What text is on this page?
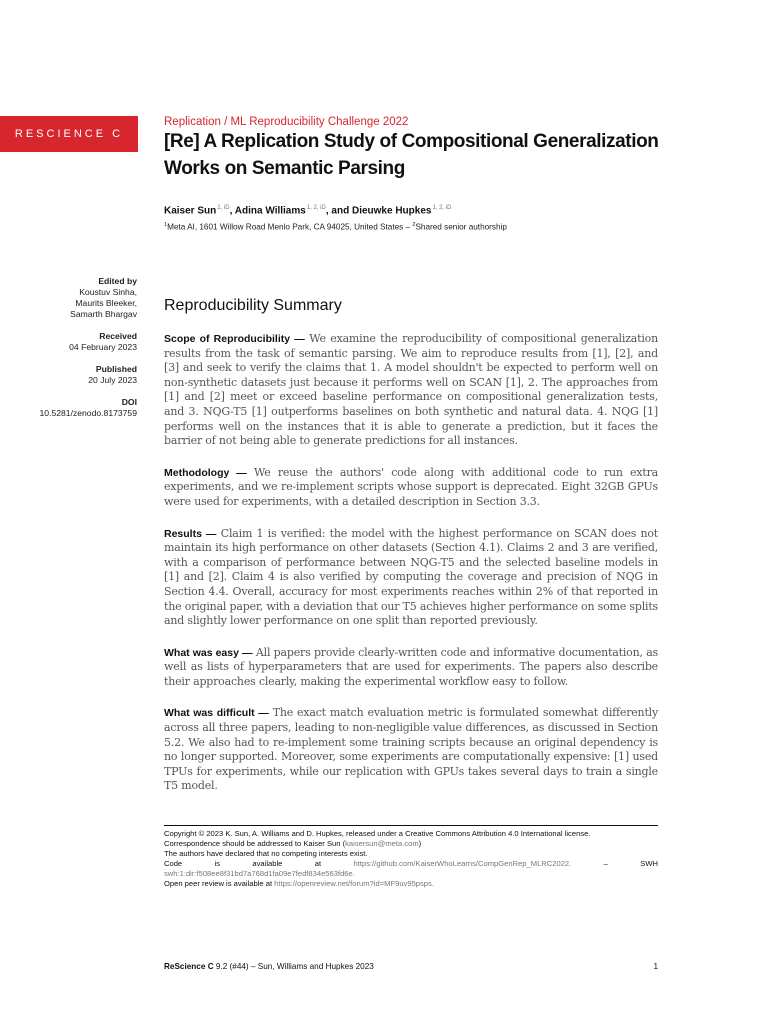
RESCIENCE C
Replication / ML Reproducibility Challenge 2022
[Re] A Replication Study of Compositional Generalization Works on Semantic Parsing
Kaiser Sun$^{1, iD}$, Adina Williams$^{1, 2, iD}$, and Dieuwke Hupkes$^{1, 2, iD}$
$^1$Meta AI, 1601 Willow Road Menlo Park, CA 94025, United States – $^2$Shared senior authorship
Edited by
Koustuv Sinha,
Maurits Bleeker,
Samarth Bhargav
Received
04 February 2023
Published
20 July 2023
DOI
10.5281/zenodo.8173759
Reproducibility Summary

Scope of Reproducibility — We examine the reproducibility of compositional generalization results from the task of semantic parsing. We aim to reproduce results from [1], [2], and [3] and seek to verify the claims that 1. A model shouldn't be expected to perform well on non-synthetic datasets just because it performs well on SCAN [1], 2. The approaches from [1] and [2] meet or exceed baseline performance on compositional generalization tests, and 3. NQG-T5 [1] outperforms baselines on both synthetic and natural data. 4. NQG [1] performs well on the instances that it is able to generate a prediction, but it faces the barrier of not being able to generate predictions for all instances.

Methodology — We reuse the authors' code along with additional code to run extra experiments, and we re-implement scripts whose support is deprecated. Eight 32GB GPUs were used for experiments, with a detailed description in Section 3.3.

Results — Claim 1 is verified: the model with the highest performance on SCAN does not maintain its high performance on other datasets (Section 4.1). Claims 2 and 3 are verified, with a comparison of performance between NQG-T5 and the selected baseline models in [1] and [2]. Claim 4 is also verified by computing the coverage and precision of NQG in Section 4.4. Overall, accuracy for most experiments reaches within 2% of that reported in the original paper, with a deviation that our T5 achieves higher performance on some splits and slightly lower performance on one split than reported previously.

What was easy — All papers provide clearly-written code and informative documentation, as well as lists of hyperparameters that are used for experiments. The papers also describe their approaches clearly, making the experimental workflow easy to follow.

What was difficult — The exact match evaluation metric is formulated somewhat differently across all three papers, leading to non-negligible value differences, as discussed in Section 5.2. We also had to re-implement some training scripts because an original dependency is no longer supported. Moreover, some experiments are computationally expensive: [1] used TPUs for experiments, while our replication with GPUs takes several days to train a single T5 model.

Copyright © 2023 K. Sun, A. Williams and D. Hupkes, released under a Creative Commons Attribution 4.0 International license.
Correspondence should be addressed to Kaiser Sun (kaisersun@meta.com)
The authors have declared that no competing interests exist.
Code	is	available	at	https://github.com/KaiserWhoLearns/CompGenRep_MLRC2022.	–	SWH
swh:1:dir:f508ee8f31bd7a768d1fa09e7fedf834e563fd6e.
Open peer review is available at https://openreview.net/forum?id=MF9uv95psps.
ReScience C 9.2 (#44) – Sun, Williams and Hupkes 2023	1
